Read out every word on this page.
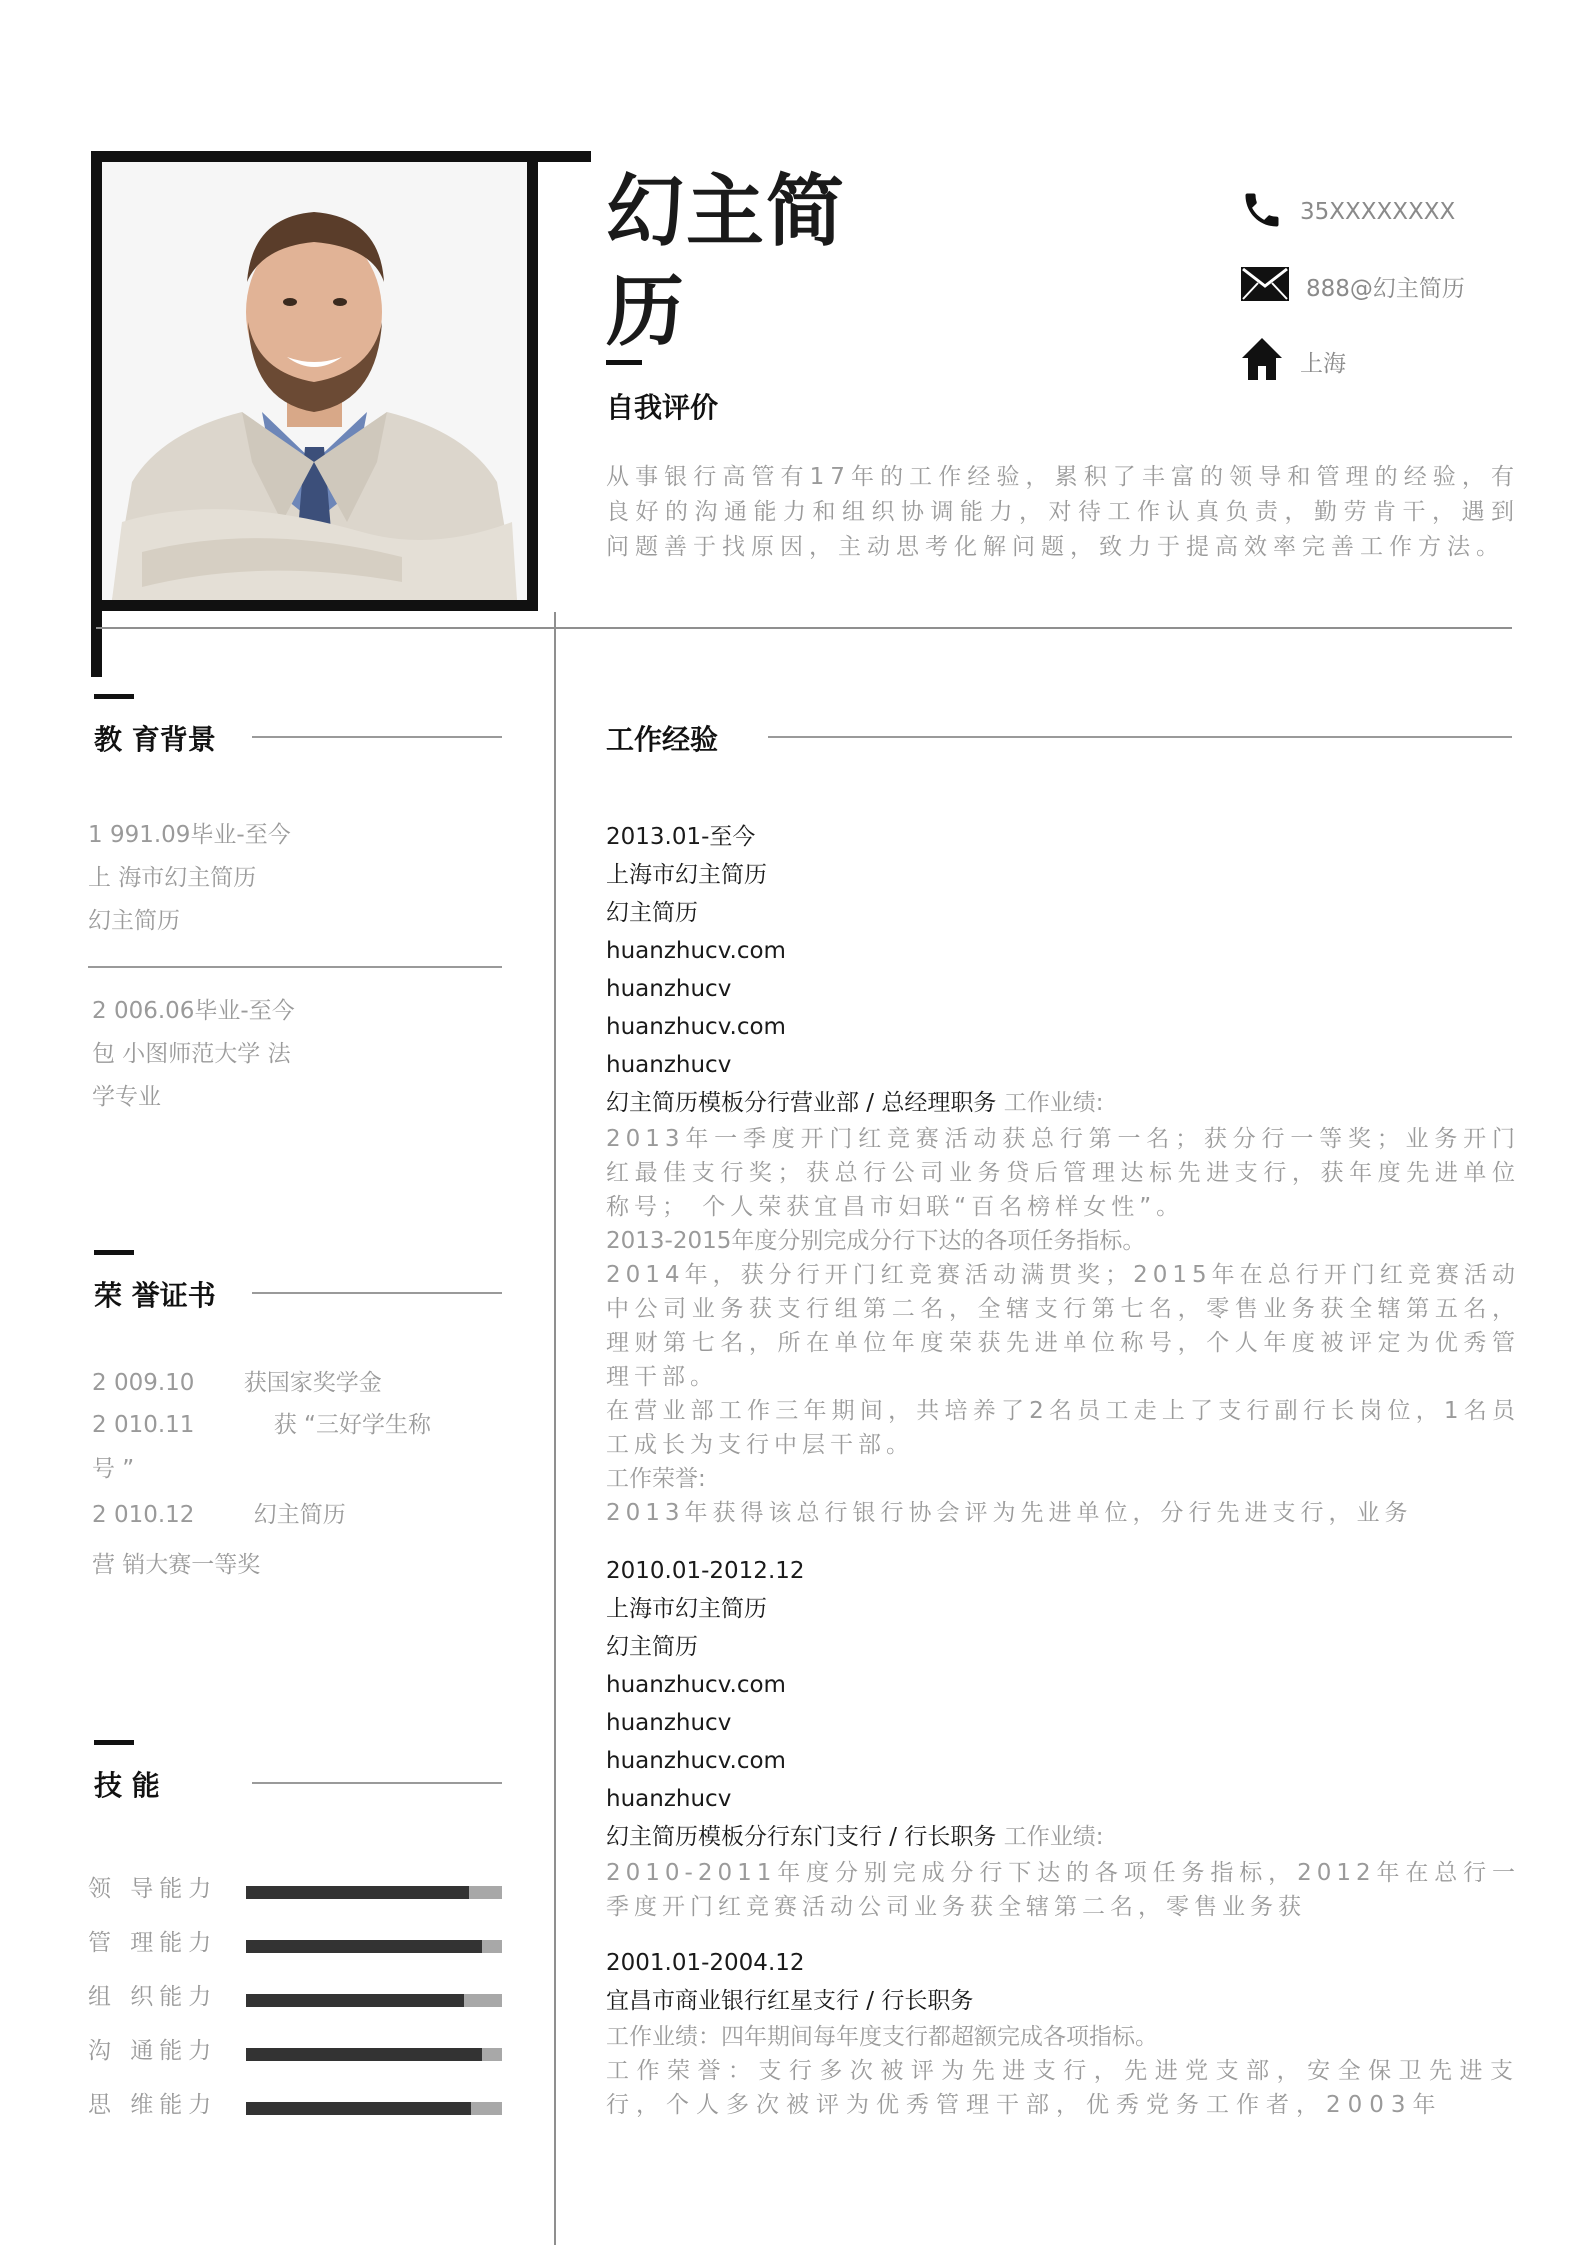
幻主简历
自我评价
从事银行高管有17年的工作经验，累积了丰富的领导和管理的经验，有良好的沟通能力和组织协调能力，对待工作认真负责，勤劳肯干，遇到问题善于找原因，主动思考化解问题，致力于提高效率完善工作方法。
35XXXXXXXX
888@幻主简历
上海
教 育背景
1 991.09毕业-至今
上 海市幻主简历
幻主简历
2 006.06毕业-至今
包 小图师范大学 法
学专业
荣 誉证书
2 009.10 获国家奖学金
2 010.11	获 “三好学生称
号 ”
2 010.12	幻主简历
营 销大赛一等奖
技 能
领 导能力
管 理能力
组 织能力
沟 通能力
思 维能力
工作经验
2013.01-至今
上海市幻主简历
幻主简历
huanzhucv.com
huanzhucv
huanzhucv.com
huanzhucv
幻主简历模板分行营业部 / 总经理职务 工作业绩:
2013年一季度开门红竞赛活动获总行第一名；获分行一等奖；业务开门红最佳支行奖；获总行公司业务贷后管理达标先进支行，获年度先进单位称号； 个人荣获宜昌市妇联“百名榜样女性”。
2013-2015年度分别完成分行下达的各项任务指标。
2014年，获分行开门红竞赛活动满贯奖；2015年在总行开门红竞赛活动中公司业务获支行组第二名，全辖支行第七名，零售业务获全辖第五名，理财第七名，所在单位年度荣获先进单位称号，个人年度被评定为优秀管理干部。
在营业部工作三年期间，共培养了2名员工走上了支行副行长岗位，1名员工成长为支行中层干部。
工作荣誉:
2013年获得该总行银行协会评为先进单位，分行先进支行，业务
2010.01-2012.12
上海市幻主简历
幻主简历
huanzhucv.com
huanzhucv
huanzhucv.com
huanzhucv
幻主简历模板分行东门支行 / 行长职务 工作业绩:
2010-2011年度分别完成分行下达的各项任务指标，2012年在总行一季度开门红竞赛活动公司业务获全辖第二名，零售业务获
2001.01-2004.12
宜昌市商业银行红星支行 / 行长职务
工作业绩：四年期间每年度支行都超额完成各项指标。
工作荣誉：支行多次被评为先进支行，先进党支部，安全保卫先进支行，个人多次被评为优秀管理干部，优秀党务工作者，2003年
